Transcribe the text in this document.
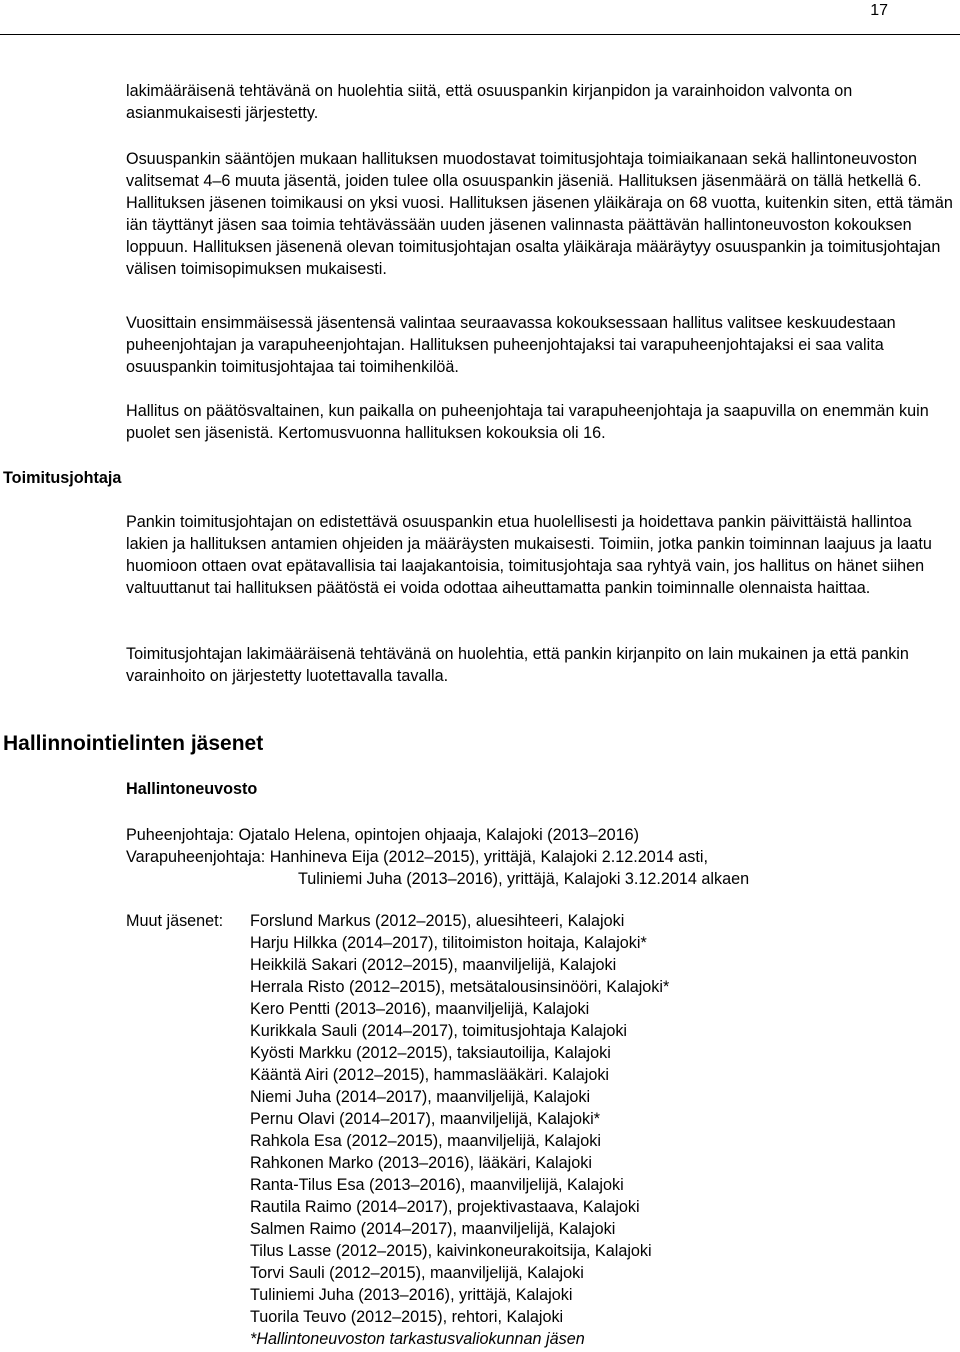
17

lakimääräisenä tehtävänä on huolehtia siitä, että osuuspankin kirjanpidon ja varainhoidon valvonta on asianmukaisesti järjestetty.

Osuuspankin sääntöjen mukaan hallituksen muodostavat toimitusjohtaja toimiaikanaan sekä hallintoneuvoston valitsemat 4–6 muuta jäsentä, joiden tulee olla osuuspankin jäseniä. Hallituksen jäsenmäärä on tällä hetkellä 6. Hallituksen jäsenen toimikausi on yksi vuosi. Hallituksen jäsenen yläikäraja on 68 vuotta, kuitenkin siten, että tämän iän täyttänyt jäsen saa toimia tehtävässään uuden jäsenen valinnasta päättävän hallintoneuvoston kokouksen loppuun. Hallituksen jäsenenä olevan toimitusjohtajan osalta yläikäraja määräytyy osuuspankin ja toimitusjohtajan välisen toimisopimuksen mukaisesti.

Vuosittain ensimmäisessä jäsentensä valintaa seuraavassa kokouksessaan hallitus valitsee keskuudestaan puheenjohtajan ja varapuheenjohtajan. Hallituksen puheenjohtajaksi tai varapuheenjohtajaksi ei saa valita osuuspankin toimitusjohtajaa tai toimihenkilöä.

Hallitus on päätösvaltainen, kun paikalla on puheenjohtaja tai varapuheenjohtaja ja saapuvilla on enemmän kuin puolet sen jäsenistä. Kertomusvuonna hallituksen kokouksia oli 16.

Toimitusjohtaja

Pankin toimitusjohtajan on edistettävä osuuspankin etua huolellisesti ja hoidettava pankin päivittäistä hallintoa lakien ja hallituksen antamien ohjeiden ja määräysten mukaisesti. Toimiin, jotka pankin toiminnan laajuus ja laatu huomioon ottaen ovat epätavallisia tai laajakantoisia, toimitusjohtaja saa ryhtyä vain, jos hallitus on hänet siihen valtuuttanut tai hallituksen päätöstä ei voida odottaa aiheuttamatta pankin toiminnalle olennaista haittaa.

Toimitusjohtajan lakimääräisenä tehtävänä on huolehtia, että pankin kirjanpito on lain mukainen ja että pankin varainhoito on järjestetty luotettavalla tavalla.

Hallinnointielinten jäsenet
Hallintoneuvosto
Puheenjohtaja: Ojatalo Helena, opintojen ohjaaja, Kalajoki (2013–2016)
Varapuheenjohtaja: Hanhineva Eija (2012–2015), yrittäjä, Kalajoki 2.12.2014 asti,
Tuliniemi Juha (2013–2016), yrittäjä, Kalajoki 3.12.2014 alkaen
Muut jäsenet: Forslund Markus (2012–2015), aluesihteeri, Kalajoki
Harju Hilkka (2014–2017), tilitoimiston hoitaja, Kalajoki*
Heikkilä Sakari (2012–2015), maanviljelijä, Kalajoki
Herrala Risto (2012–2015), metsätalousinsinööri, Kalajoki*
Kero Pentti (2013–2016), maanviljelijä, Kalajoki
Kurikkala Sauli (2014–2017), toimitusjohtaja Kalajoki
Kyösti Markku (2012–2015), taksiautoilija, Kalajoki
Kääntä Airi (2012–2015), hammaslääkäri. Kalajoki
Niemi Juha (2014–2017), maanviljelijä, Kalajoki
Pernu Olavi (2014–2017), maanviljelijä, Kalajoki*
Rahkola Esa (2012–2015), maanviljelijä, Kalajoki
Rahkonen Marko (2013–2016), lääkäri, Kalajoki
Ranta-Tilus Esa (2013–2016), maanviljelijä, Kalajoki
Rautila Raimo (2014–2017), projektivastaava, Kalajoki
Salmen Raimo (2014–2017), maanviljelijä, Kalajoki
Tilus Lasse (2012–2015), kaivinkoneurakoitsija, Kalajoki
Torvi Sauli (2012–2015), maanviljelijä, Kalajoki
Tuliniemi Juha (2013–2016), yrittäjä, Kalajoki
Tuorila Teuvo (2012–2015), rehtori, Kalajoki
*Hallintoneuvoston tarkastusvaliokunnan jäsen
